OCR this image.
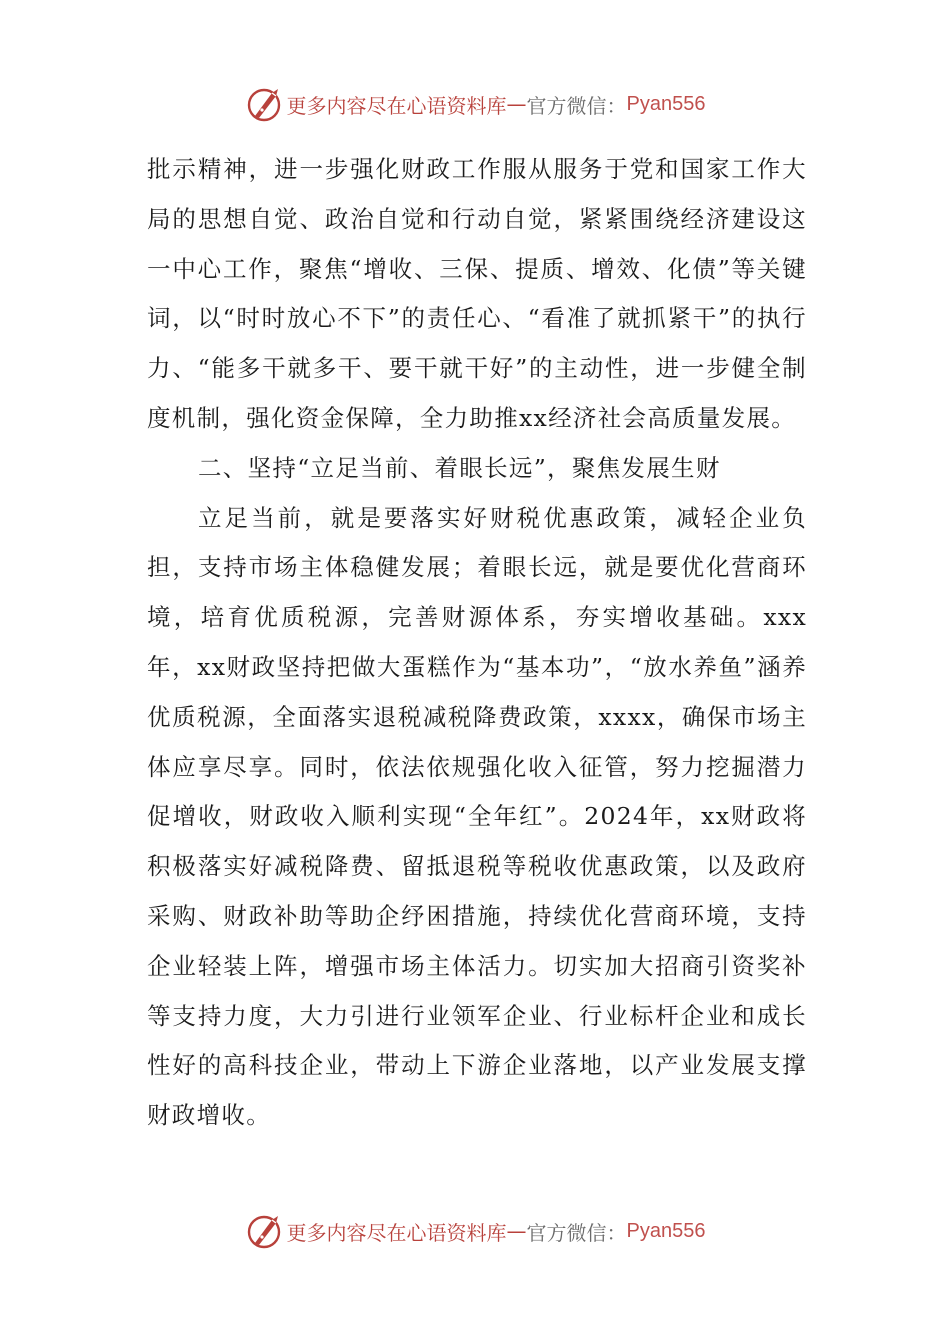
更多内容尽在心语资料库 — 官方微信： Pyan556

批示精神，进一步强化财政工作服从服务于党和国家工作大局的思想自觉、政治自觉和行动自觉，紧紧围绕经济建设这一中心工作，聚焦“增收、三保、提质、增效、化债”等关键词，以“时时放心不下”的责任心、“看准了就抓紧干”的执行力、“能多干就多干、要干就干好”的主动性，进一步健全制度机制，强化资金保障，全力助推xx经济社会高质量发展。

二、坚持“立足当前、着眼长远”，聚焦发展生财

立足当前，就是要落实好财税优惠政策，减轻企业负担，支持市场主体稳健发展；着眼长远，就是要优化营商环境，培育优质税源，完善财源体系，夯实增收基础。xxx年，xx财政坚持把做大蛋糕作为“基本功”，“放水养鱼”涵养优质税源，全面落实退税减税降费政策，xxxx，确保市场主体应享尽享。同时，依法依规强化收入征管，努力挖掘潜力促增收，财政收入顺利实现“全年红”。2024年，xx财政将积极落实好减税降费、留抵退税等税收优惠政策，以及政府采购、财政补助等助企纾困措施，持续优化营商环境，支持企业轻装上阵，增强市场主体活力。切实加大招商引资奖补等支持力度，大力引进行业领军企业、行业标杆企业和成长性好的高科技企业，带动上下游企业落地，以产业发展支撑财政增收。

更多内容尽在心语资料库 — 官方微信： Pyan556
